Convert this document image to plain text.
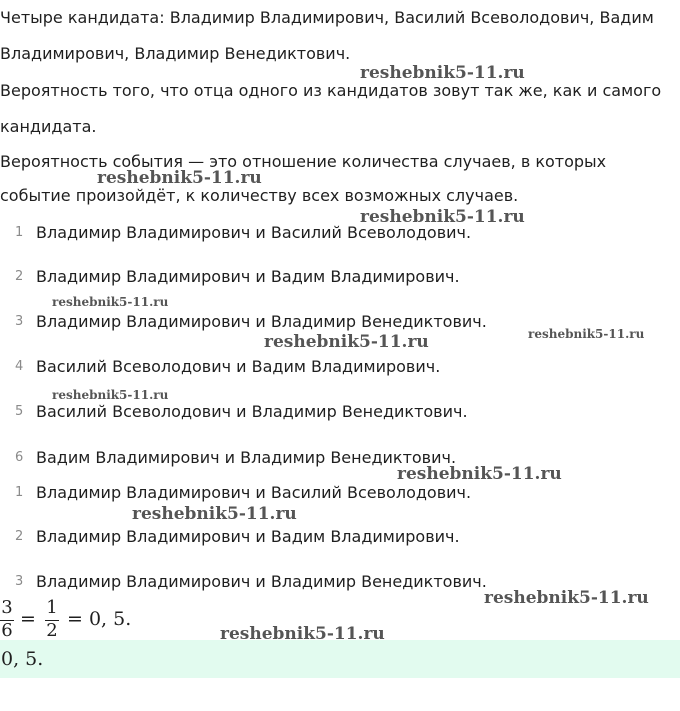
Четыре кандидата: Владимир Владимирович, Василий Всеволодович, Вадим

Владимирович, Владимир Венедиктович.

Вероятность того, что отца одного из кандидатов зовут так же, как и самого

кандидата.

Вероятность события — это отношение количества случаев, в которых

событие произойдёт, к количеству всех возможных случаев.

1 Владимир Владимирович и Василий Всеволодович.
2 Владимир Владимирович и Вадим Владимирович.
3 Владимир Владимирович и Владимир Венедиктович.
4 Василий Всеволодович и Вадим Владимирович.
5 Василий Всеволодович и Владимир Венедиктович.
6 Вадим Владимирович и Владимир Венедиктович.
1 Владимир Владимирович и Василий Всеволодович.
2 Владимир Владимирович и Вадим Владимирович.
3 Владимир Владимирович и Владимир Венедиктович.
3
6
=
1
2
= 0, 5.
0, 5.
reshebnik5-11.ru
reshebnik5-11.ru
reshebnik5-11.ru
reshebnik5-11.ru
reshebnik5-11.ru
reshebnik5-11.ru
reshebnik5-11.ru
reshebnik5-11.ru
reshebnik5-11.ru
reshebnik5-11.ru
reshebnik5-11.ru
